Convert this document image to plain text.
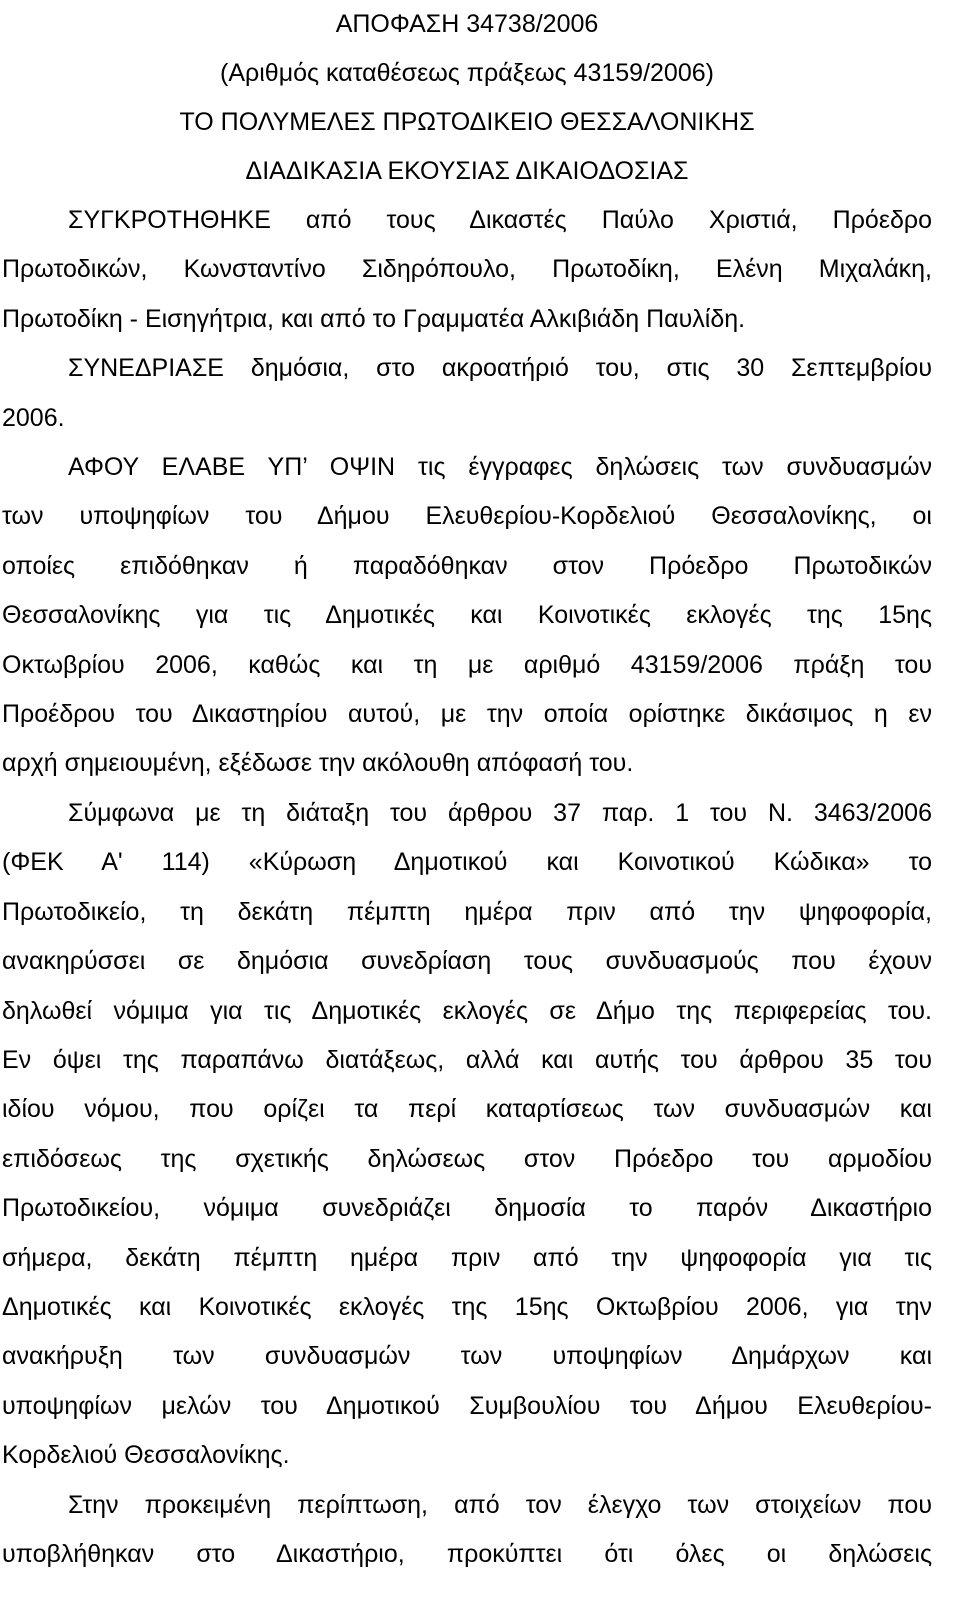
ΑΠΟΦΑΣΗ 34738/2006

(Αριθμός καταθέσεως πράξεως 43159/2006)

ΤΟ ΠΟΛΥΜΕΛΕΣ ΠΡΩΤΟΔΙΚΕΙΟ ΘΕΣΣΑΛΟΝΙΚΗΣ

ΔΙΑΔΙΚΑΣΙΑ ΕΚΟΥΣΙΑΣ ΔΙΚΑΙΟΔΟΣΙΑΣ

ΣΥΓΚΡΟΤΗΘΗΚΕ από τους Δικαστές Παύλο Χριστιά, Πρόεδρο

Πρωτοδικών, Κωνσταντίνο Σιδηρόπουλο, Πρωτοδίκη, Ελένη Μιχαλάκη,

Πρωτοδίκη - Εισηγήτρια, και από το Γραμματέα Αλκιβιάδη Παυλίδη.

ΣΥΝΕΔΡΙΑΣΕ δημόσια, στο ακροατήριό του, στις 30 Σεπτεμβρίου

2006.

ΑΦΟΥ ΕΛΑΒΕ ΥΠ’ ΟΨΙΝ τις έγγραφες δηλώσεις των συνδυασμών

των υποψηφίων του Δήμου Ελευθερίου-Κορδελιού Θεσσαλονίκης, οι

οποίες επιδόθηκαν ή παραδόθηκαν στον Πρόεδρο Πρωτοδικών

Θεσσαλονίκης για τις Δημοτικές και Κοινοτικές εκλογές της 15ης

Οκτωβρίου 2006, καθώς και τη με αριθμό 43159/2006 πράξη του

Προέδρου του Δικαστηρίου αυτού, με την οποία ορίστηκε δικάσιμος η εν

αρχή σημειουμένη, εξέδωσε την ακόλουθη απόφασή του.

Σύμφωνα με τη διάταξη του άρθρου 37 παρ. 1 του Ν. 3463/2006

(ΦΕΚ Α' 114) «Κύρωση Δημοτικού και Κοινοτικού Κώδικα» το

Πρωτοδικείο, τη δεκάτη πέμπτη ημέρα πριν από την ψηφοφορία,

ανακηρύσσει σε δημόσια συνεδρίαση τους συνδυασμούς που έχουν

δηλωθεί νόμιμα για τις Δημοτικές εκλογές σε Δήμο της περιφερείας του.

Εν όψει της παραπάνω διατάξεως, αλλά και αυτής του άρθρου 35 του

ιδίου νόμου, που ορίζει τα περί καταρτίσεως των συνδυασμών και

επιδόσεως της σχετικής δηλώσεως στον Πρόεδρο του αρμοδίου

Πρωτοδικείου, νόμιμα συνεδριάζει δημοσία το παρόν Δικαστήριο

σήμερα, δεκάτη πέμπτη ημέρα πριν από την ψηφοφορία για τις

Δημοτικές και Κοινοτικές εκλογές της 15ης Οκτωβρίου 2006, για την

ανακήρυξη των συνδυασμών των υποψηφίων Δημάρχων και

υποψηφίων μελών του Δημοτικού Συμβουλίου του Δήμου Ελευθερίου-

Κορδελιού Θεσσαλονίκης.

Στην προκειμένη περίπτωση, από τον έλεγχο των στοιχείων που

υποβλήθηκαν στο Δικαστήριο, προκύπτει ότι όλες οι δηλώσεις
